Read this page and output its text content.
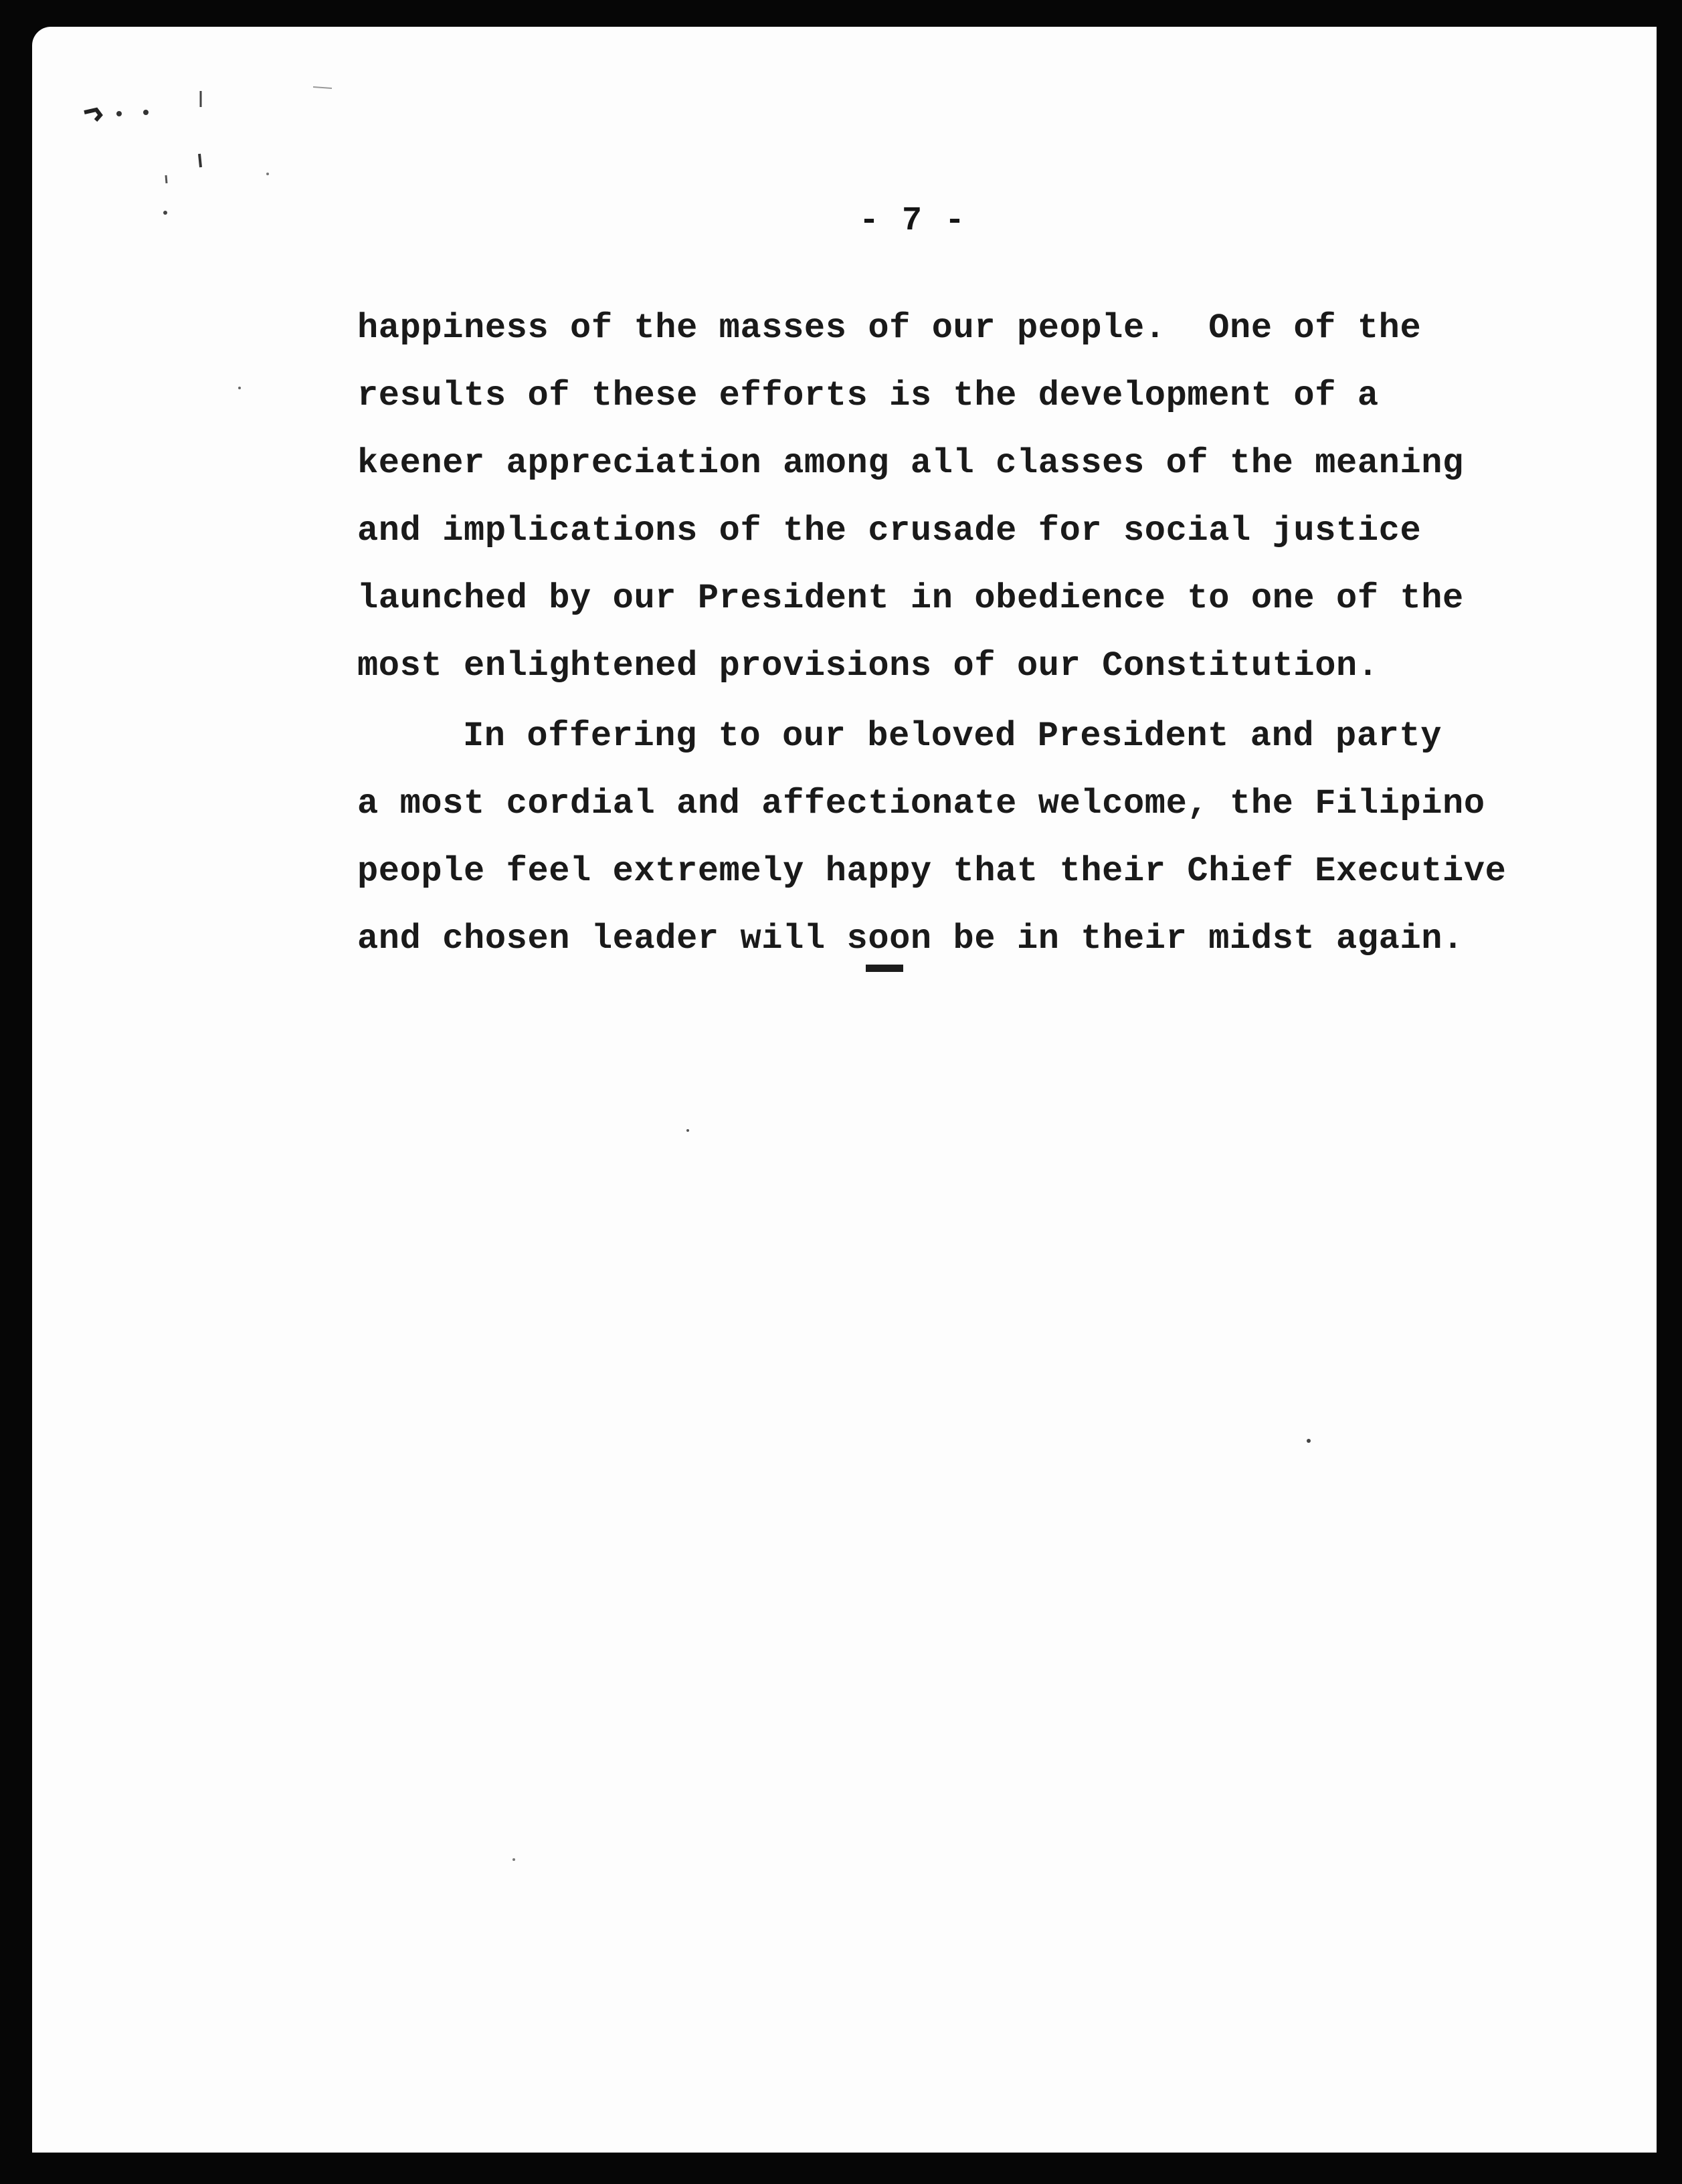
- 7 -
happiness of the masses of our people.  One of the
results of these efforts is the development of a
keener appreciation among all classes of the meaning
and implications of the crusade for social justice
launched by our President in obedience to one of the
most enlightened provisions of our Constitution.
In offering to our beloved President and party
a most cordial and affectionate welcome, the Filipino
people feel extremely happy that their Chief Executive
and chosen leader will soon be in their midst again.
